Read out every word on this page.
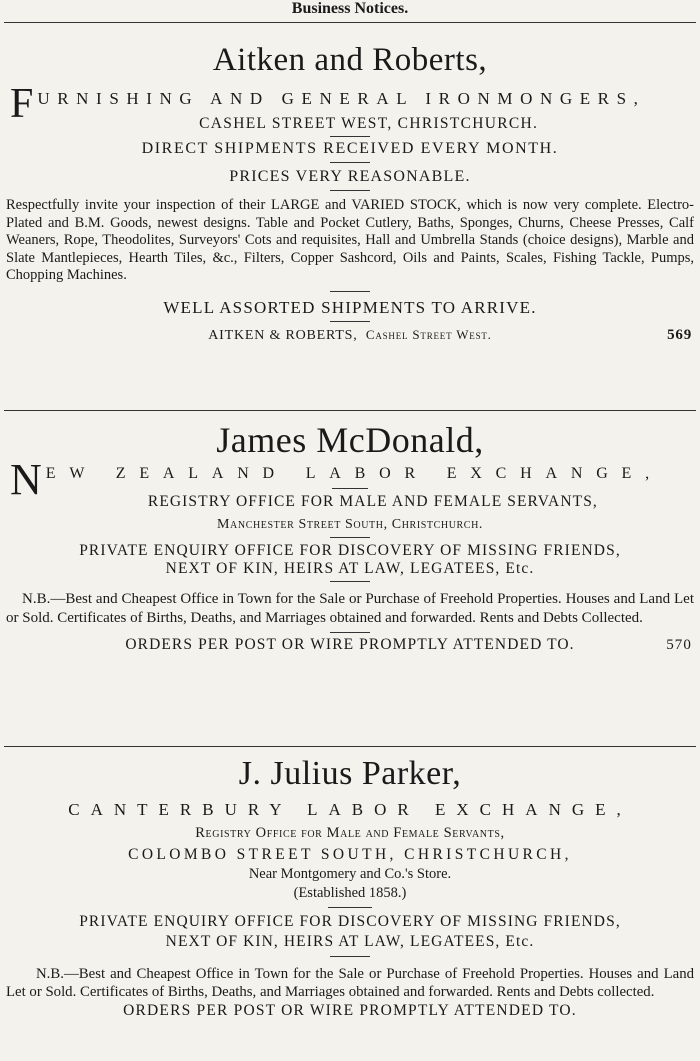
Business Notices.
Aitken and Roberts,
F URNISHING AND GENERAL IRONMONGERS,
CASHEL STREET WEST, CHRISTCHURCH.
DIRECT SHIPMENTS RECEIVED EVERY MONTH.
PRICES VERY REASONABLE.
Respectfully invite your inspection of their LARGE and VARIED STOCK, which is now very complete. Electro-Plated and B.M. Goods, newest designs. Table and Pocket Cutlery, Baths, Sponges, Churns, Cheese Presses, Calf Weaners, Rope, Theodolites, Surveyors' Cots and requisites, Hall and Umbrella Stands (choice designs), Marble and Slate Mantlepieces, Hearth Tiles, &c., Filters, Copper Sashcord, Oils and Paints, Scales, Fishing Tackle, Pumps, Chopping Machines.
WELL ASSORTED SHIPMENTS TO ARRIVE.
AITKEN & ROBERTS, Cashel Street West.	569
James McDonald,
N EW ZEALAND LABOR EXCHANGE,
REGISTRY OFFICE FOR MALE AND FEMALE SERVANTS,
Manchester Street South, Christchurch.
PRIVATE ENQUIRY OFFICE FOR DISCOVERY OF MISSING FRIENDS,
NEXT OF KIN, HEIRS AT LAW, LEGATEES, Etc.
N.B.—Best and Cheapest Office in Town for the Sale or Purchase of Freehold Properties. Houses and Land Let or Sold. Certificates of Births, Deaths, and Marriages obtained and forwarded. Rents and Debts Collected.
ORDERS PER POST OR WIRE PROMPTLY ATTENDED TO.	570
J. Julius Parker,
CANTERBURY LABOR EXCHANGE,
Registry Office for Male and Female Servants,
COLOMBO STREET SOUTH, CHRISTCHURCH,
Near Montgomery and Co.'s Store.
(Established 1858.)
PRIVATE ENQUIRY OFFICE FOR DISCOVERY OF MISSING FRIENDS,
NEXT OF KIN, HEIRS AT LAW, LEGATEES, Etc.
N.B.—Best and Cheapest Office in Town for the Sale or Purchase of Freehold Properties. Houses and Land Let or Sold. Certificates of Births, Deaths, and Marriages obtained and forwarded. Rents and Debts collected.
ORDERS PER POST OR WIRE PROMPTLY ATTENDED TO.
